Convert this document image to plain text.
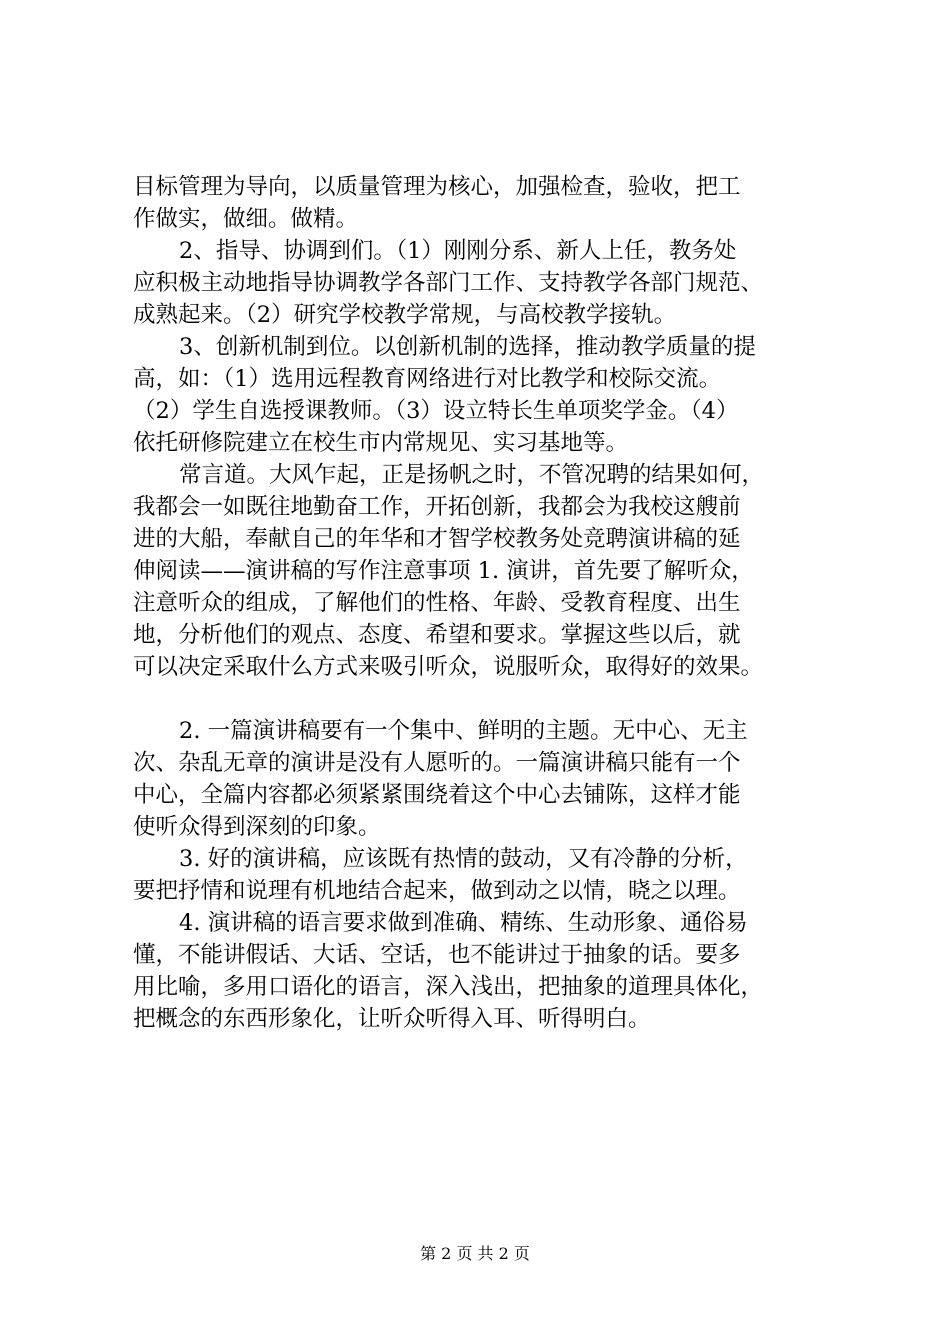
目标管理为导向，以质量管理为核心，加强检查，验收，把工
作做实，做细。做精。
2、指导、协调到们。（1）刚刚分系、新人上任，教务处
应积极主动地指导协调教学各部门工作、支持教学各部门规范、
成熟起来。（2）研究学校教学常规，与高校教学接轨。
3、创新机制到位。以创新机制的选择，推动教学质量的提
高，如：（1）选用远程教育网络进行对比教学和校际交流。
（2）学生自选授课教师。（3）设立特长生单项奖学金。（4）
依托研修院建立在校生市内常规见、实习基地等。
常言道。大风乍起，正是扬帆之时，不管况聘的结果如何，
我都会一如既往地勤奋工作，开拓创新，我都会为我校这艘前
进的大船，奉献自己的年华和才智学校教务处竞聘演讲稿的延
伸阅读——演讲稿的写作注意事项 1. 演讲，首先要了解听众，
注意听众的组成，了解他们的性格、年龄、受教育程度、出生
地，分析他们的观点、态度、希望和要求。掌握这些以后，就
可以决定采取什么方式来吸引听众，说服听众，取得好的效果。
2. 一篇演讲稿要有一个集中、鲜明的主题。无中心、无主
次、杂乱无章的演讲是没有人愿听的。一篇演讲稿只能有一个
中心，全篇内容都必须紧紧围绕着这个中心去铺陈，这样才能
使听众得到深刻的印象。
3. 好的演讲稿，应该既有热情的鼓动，又有冷静的分析，
要把抒情和说理有机地结合起来，做到动之以情，晓之以理。
4. 演讲稿的语言要求做到准确、精练、生动形象、通俗易
懂，不能讲假话、大话、空话，也不能讲过于抽象的话。要多
用比喻，多用口语化的语言，深入浅出，把抽象的道理具体化，
把概念的东西形象化，让听众听得入耳、听得明白。
第 2 页 共 2 页
